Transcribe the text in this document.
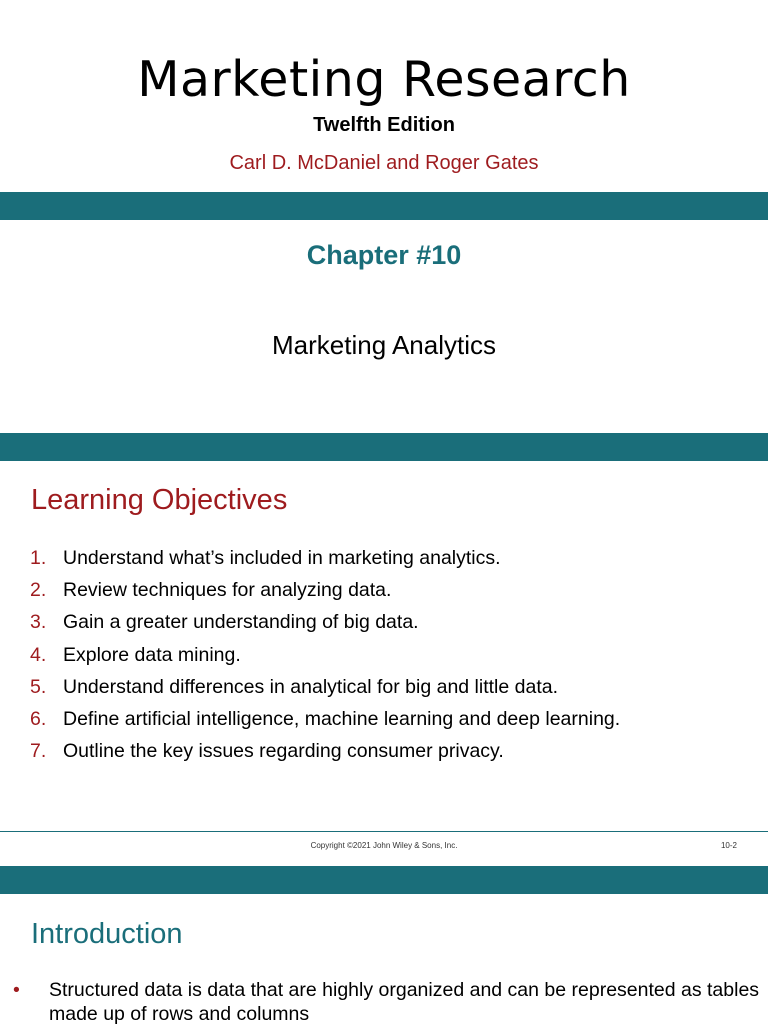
Marketing Research
Twelfth Edition
Carl D. McDaniel and Roger Gates
Chapter #10
Marketing Analytics
Learning Objectives
1. Understand what’s included in marketing analytics.
2. Review techniques for analyzing data.
3. Gain a greater understanding of big data.
4. Explore data mining.
5. Understand differences in analytical for big and little data.
6. Define artificial intelligence, machine learning and deep learning.
7. Outline the key issues regarding consumer privacy.
Copyright ©2021 John Wiley & Sons, Inc.	10-2
Introduction
• Structured data is data that are highly organized and can be represented as tables made up of rows and columns
